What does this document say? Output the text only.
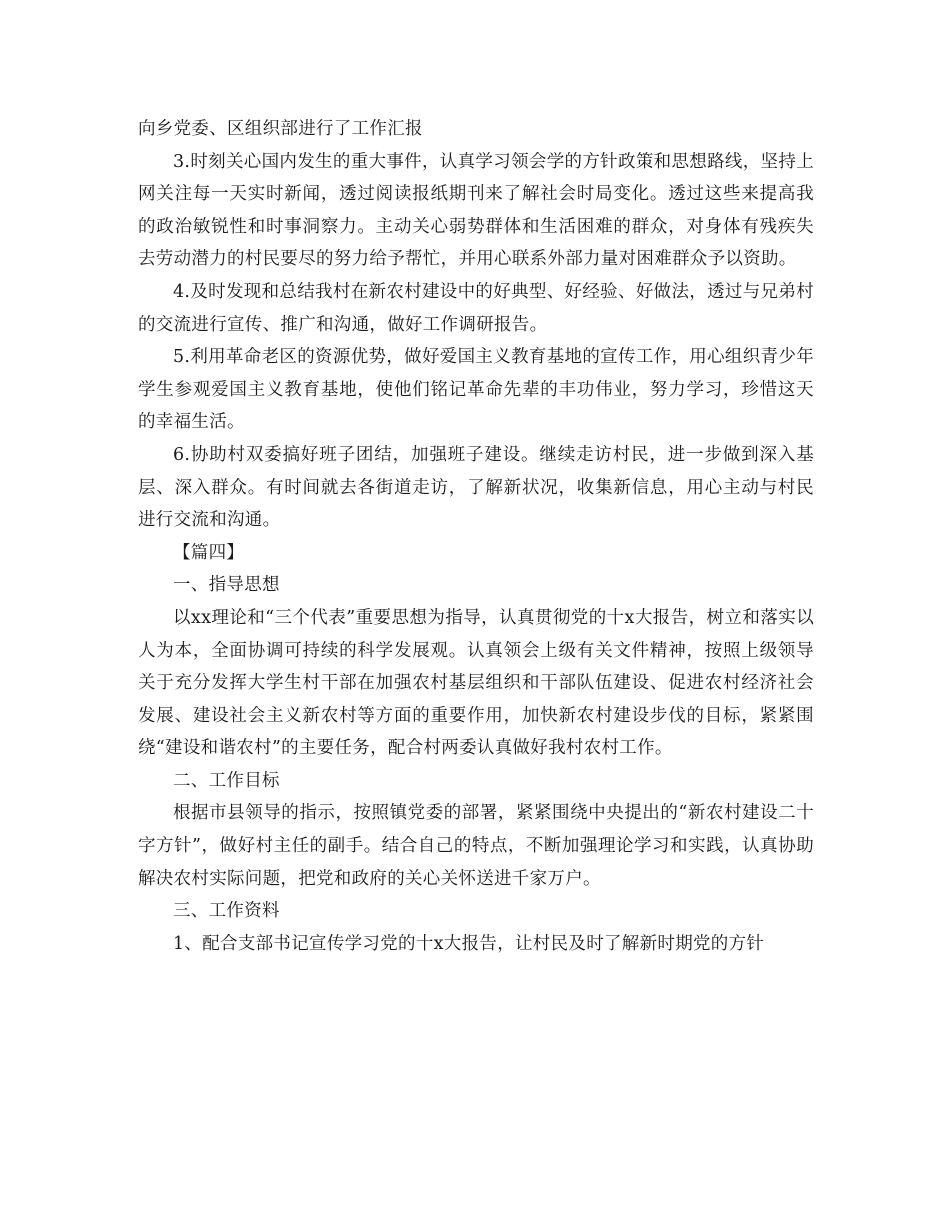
向乡党委、区组织部进行了工作汇报

3.时刻关心国内发生的重大事件，认真学习领会学的方针政策和思想路线，坚持上网关注每一天实时新闻，透过阅读报纸期刊来了解社会时局变化。透过这些来提高我的政治敏锐性和时事洞察力。主动关心弱势群体和生活困难的群众，对身体有残疾失去劳动潜力的村民要尽的努力给予帮忙，并用心联系外部力量对困难群众予以资助。

4.及时发现和总结我村在新农村建设中的好典型、好经验、好做法，透过与兄弟村的交流进行宣传、推广和沟通，做好工作调研报告。

5.利用革命老区的资源优势，做好爱国主义教育基地的宣传工作，用心组织青少年学生参观爱国主义教育基地，使他们铭记革命先辈的丰功伟业，努力学习，珍惜这天的幸福生活。

6.协助村双委搞好班子团结，加强班子建设。继续走访村民，进一步做到深入基层、深入群众。有时间就去各街道走访，了解新状况，收集新信息，用心主动与村民进行交流和沟通。

【篇四】

一、指导思想

以xx理论和“三个代表”重要思想为指导，认真贯彻党的十x大报告，树立和落实以人为本，全面协调可持续的科学发展观。认真领会上级有关文件精神，按照上级领导关于充分发挥大学生村干部在加强农村基层组织和干部队伍建设、促进农村经济社会发展、建设社会主义新农村等方面的重要作用，加快新农村建设步伐的目标，紧紧围绕“建设和谐农村”的主要任务，配合村两委认真做好我村农村工作。

二、工作目标

根据市县领导的指示，按照镇党委的部署，紧紧围绕中央提出的“新农村建设二十字方针”，做好村主任的副手。结合自己的特点，不断加强理论学习和实践，认真协助解决农村实际问题，把党和政府的关心关怀送进千家万户。

三、工作资料

1、配合支部书记宣传学习党的十x大报告，让村民及时了解新时期党的方针
